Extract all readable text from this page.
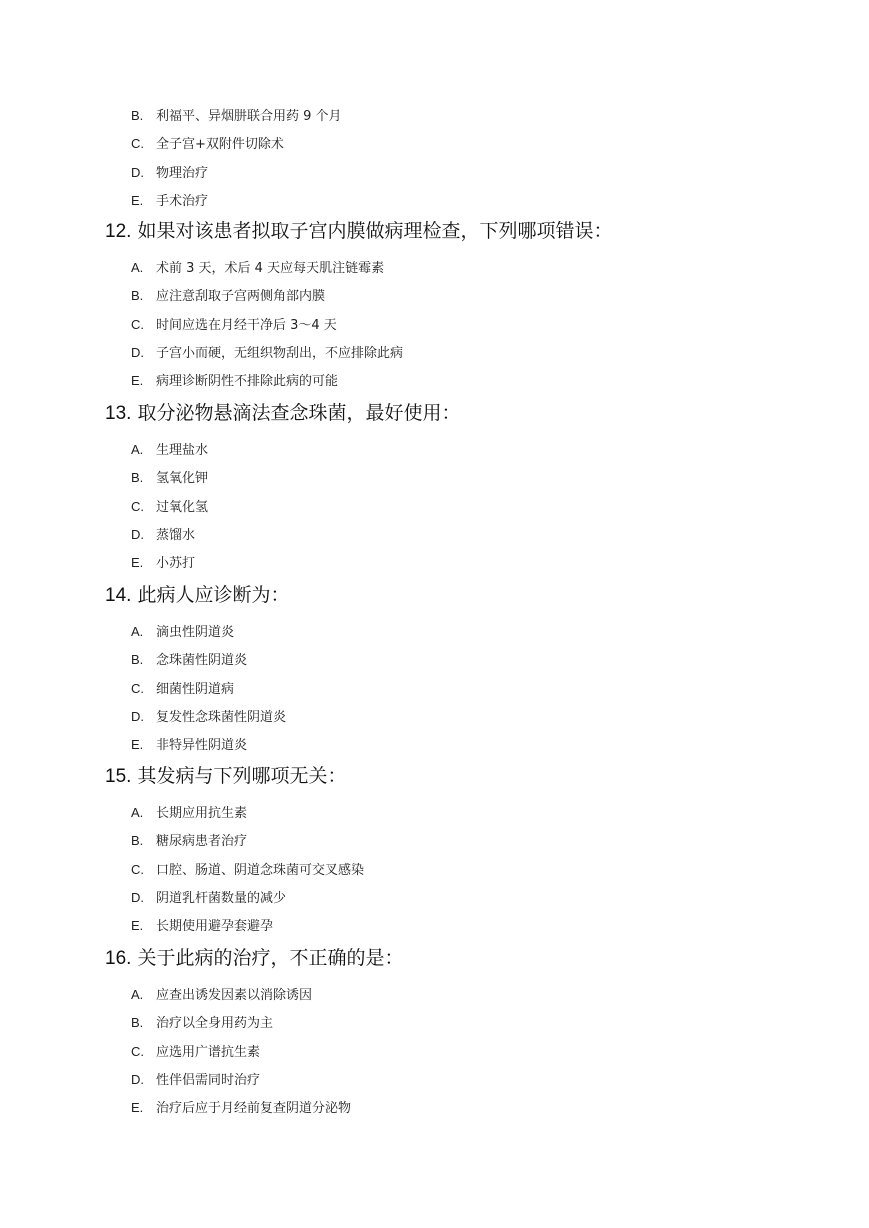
B. 利福平、异烟肼联合用药 9 个月
C. 全子宫+双附件切除术
D. 物理治疗
E. 手术治疗
12. 如果对该患者拟取子宫内膜做病理检查，下列哪项错误：
A. 术前 3 天，术后 4 天应每天肌注链霉素
B. 应注意刮取子宫两侧角部内膜
C. 时间应选在月经干净后 3～4 天
D. 子宫小而硬，无组织物刮出，不应排除此病
E. 病理诊断阴性不排除此病的可能
13. 取分泌物悬滴法查念珠菌，最好使用：
A. 生理盐水
B. 氢氧化钾
C. 过氧化氢
D. 蒸馏水
E. 小苏打
14. 此病人应诊断为：
A. 滴虫性阴道炎
B. 念珠菌性阴道炎
C. 细菌性阴道病
D. 复发性念珠菌性阴道炎
E. 非特异性阴道炎
15. 其发病与下列哪项无关：
A. 长期应用抗生素
B. 糖尿病患者治疗
C. 口腔、肠道、阴道念珠菌可交叉感染
D. 阴道乳杆菌数量的减少
E. 长期使用避孕套避孕
16. 关于此病的治疗，不正确的是：
A. 应查出诱发因素以消除诱因
B. 治疗以全身用药为主
C. 应选用广谱抗生素
D. 性伴侣需同时治疗
E. 治疗后应于月经前复查阴道分泌物
